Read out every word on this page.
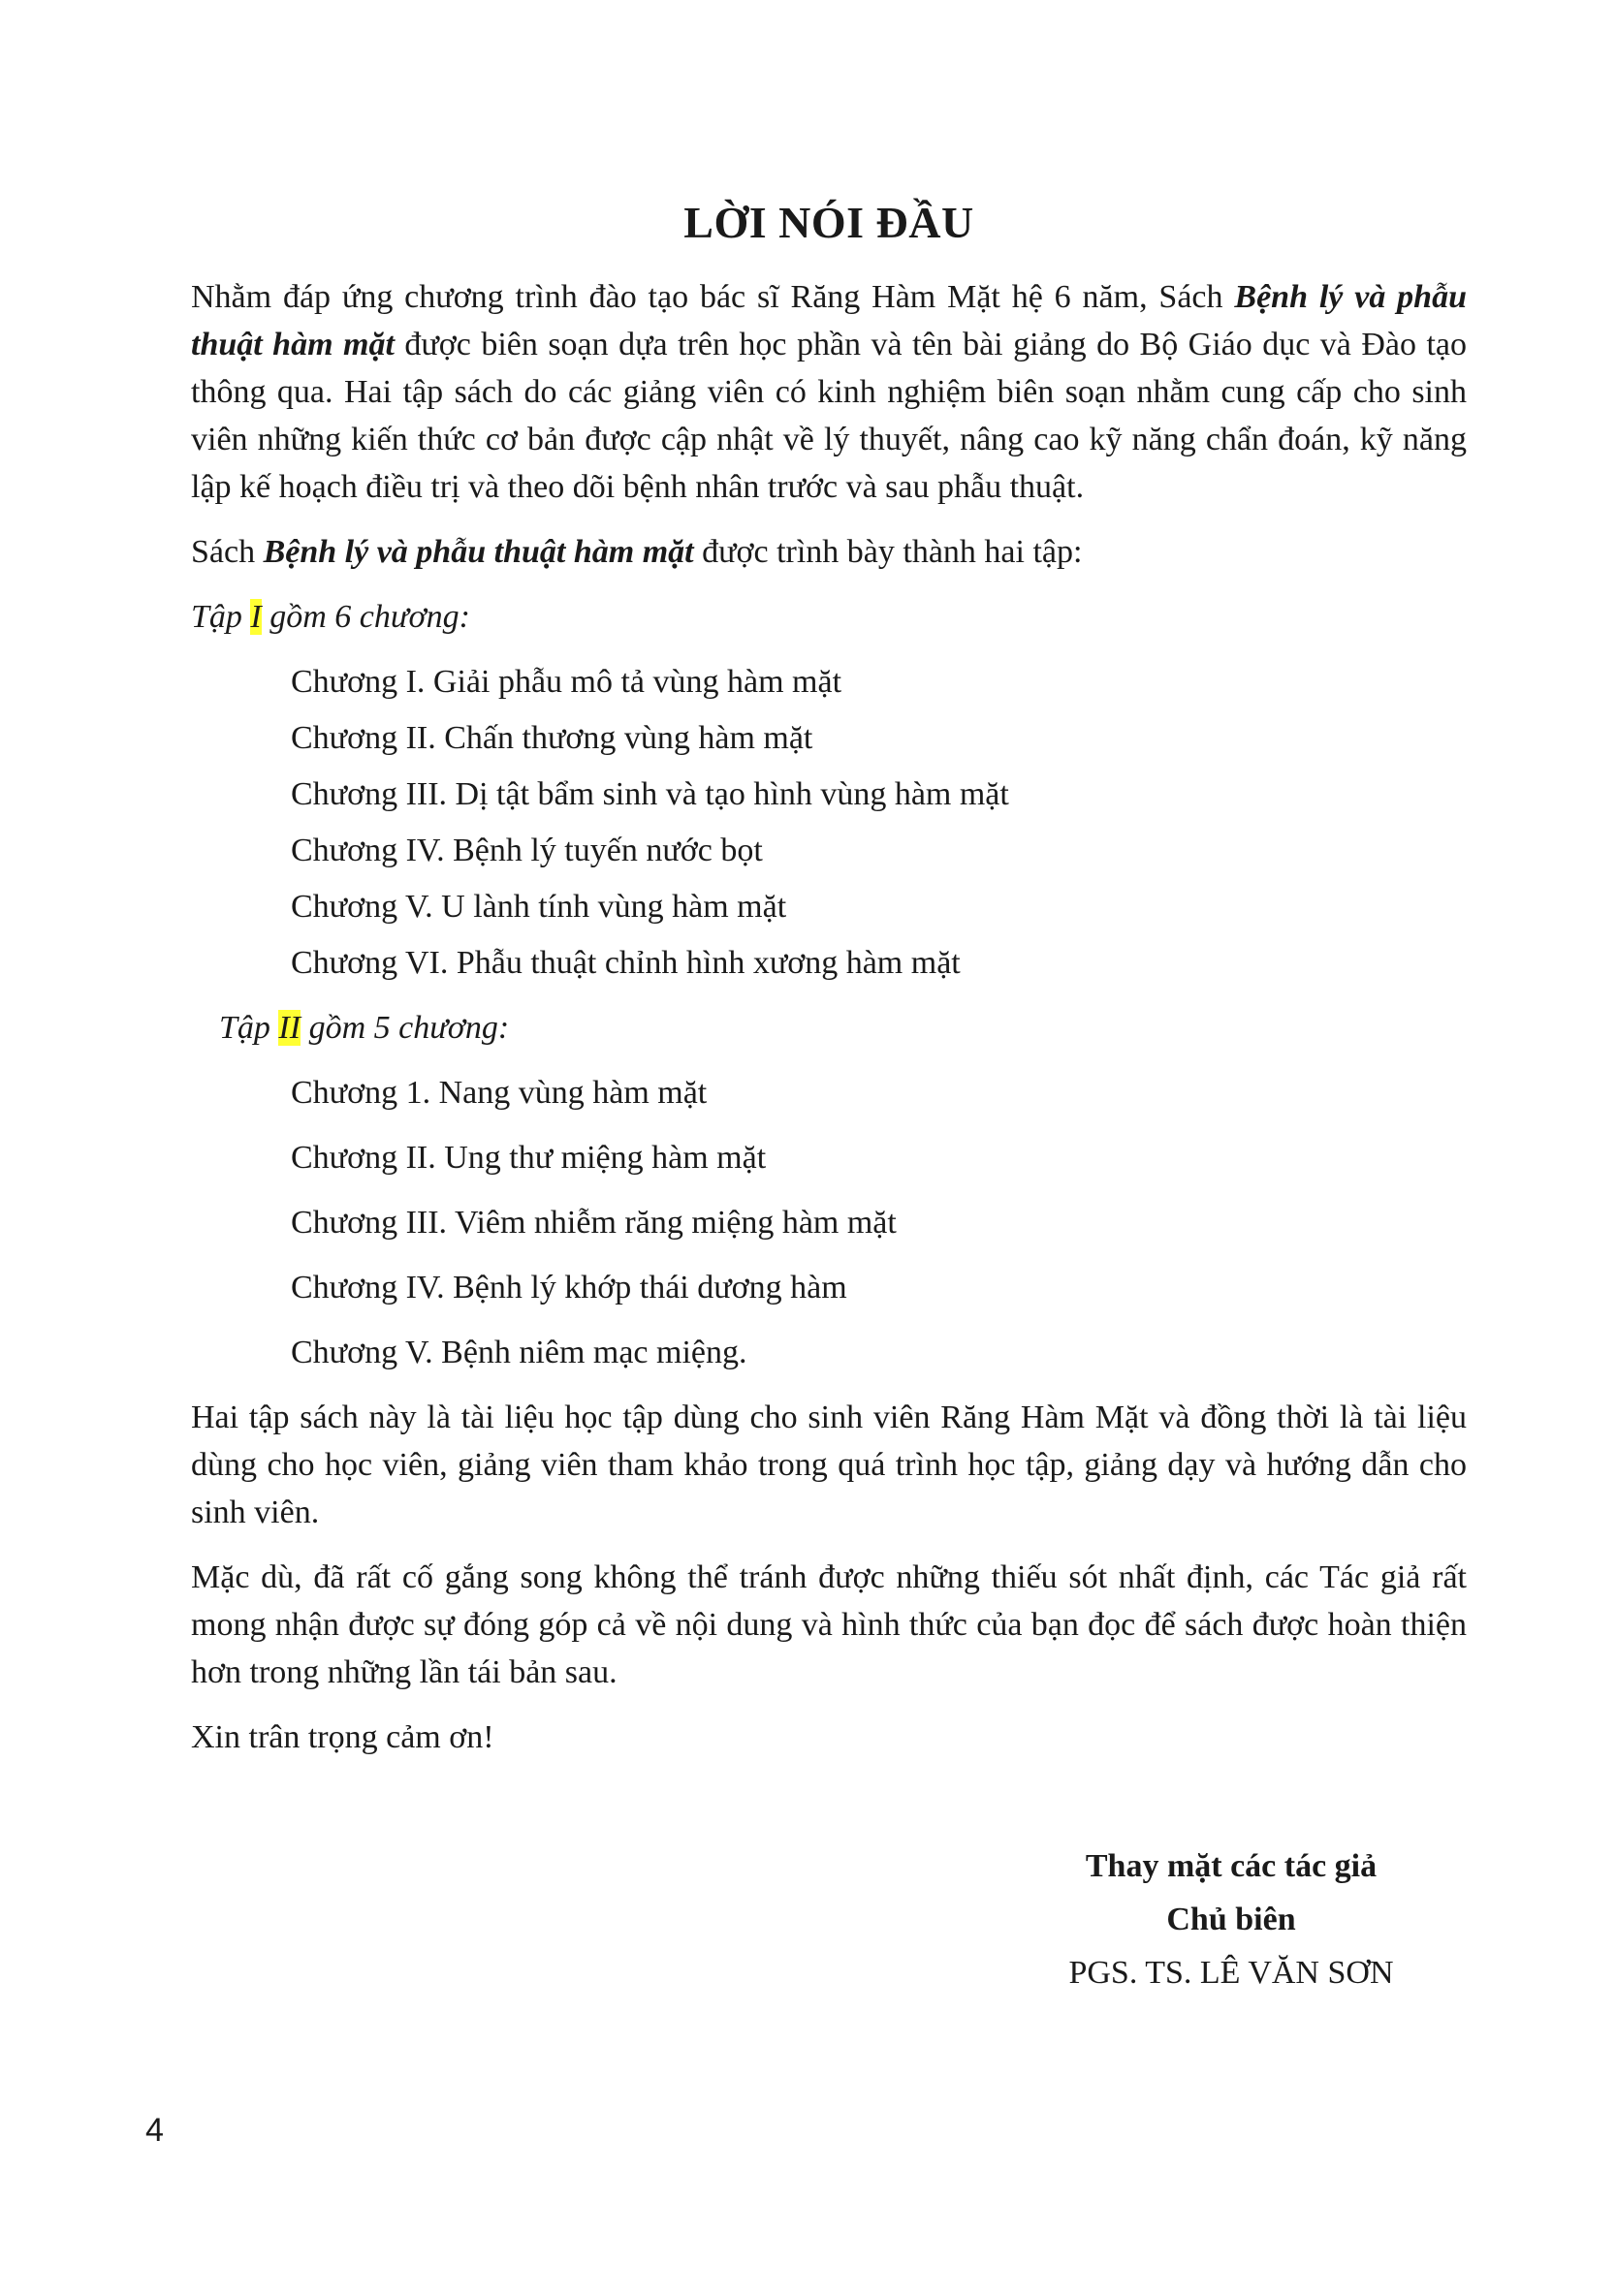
LỜI NÓI ĐẦU

Nhằm đáp ứng chương trình đào tạo bác sĩ Răng Hàm Mặt hệ 6 năm, Sách Bệnh lý và phẫu thuật hàm mặt được biên soạn dựa trên học phần và tên bài giảng do Bộ Giáo dục và Đào tạo thông qua. Hai tập sách do các giảng viên có kinh nghiệm biên soạn nhằm cung cấp cho sinh viên những kiến thức cơ bản được cập nhật về lý thuyết, nâng cao kỹ năng chẩn đoán, kỹ năng lập kế hoạch điều trị và theo dõi bệnh nhân trước và sau phẫu thuật.

Sách Bệnh lý và phẫu thuật hàm mặt được trình bày thành hai tập:

Tập I gồm 6 chương:

Chương I. Giải phẫu mô tả vùng hàm mặt
Chương II. Chấn thương vùng hàm mặt
Chương III. Dị tật bẩm sinh và tạo hình vùng hàm mặt
Chương IV. Bệnh lý tuyến nước bọt
Chương V. U lành tính vùng hàm mặt
Chương VI. Phẫu thuật chỉnh hình xương hàm mặt

Tập II gồm 5 chương:

Chương 1. Nang vùng hàm mặt
Chương II. Ung thư miệng hàm mặt
Chương III. Viêm nhiễm răng miệng hàm mặt
Chương IV. Bệnh lý khớp thái dương hàm
Chương V. Bệnh niêm mạc miệng.

Hai tập sách này là tài liệu học tập dùng cho sinh viên Răng Hàm Mặt và đồng thời là tài liệu dùng cho học viên, giảng viên tham khảo trong quá trình học tập, giảng dạy và hướng dẫn cho sinh viên.

Mặc dù, đã rất cố gắng song không thể tránh được những thiếu sót nhất định, các Tác giả rất mong nhận được sự đóng góp cả về nội dung và hình thức của bạn đọc để sách được hoàn thiện hơn trong những lần tái bản sau.

Xin trân trọng cảm ơn!

Thay mặt các tác giả
Chủ biên
PGS. TS. LÊ VĂN SƠN
4
